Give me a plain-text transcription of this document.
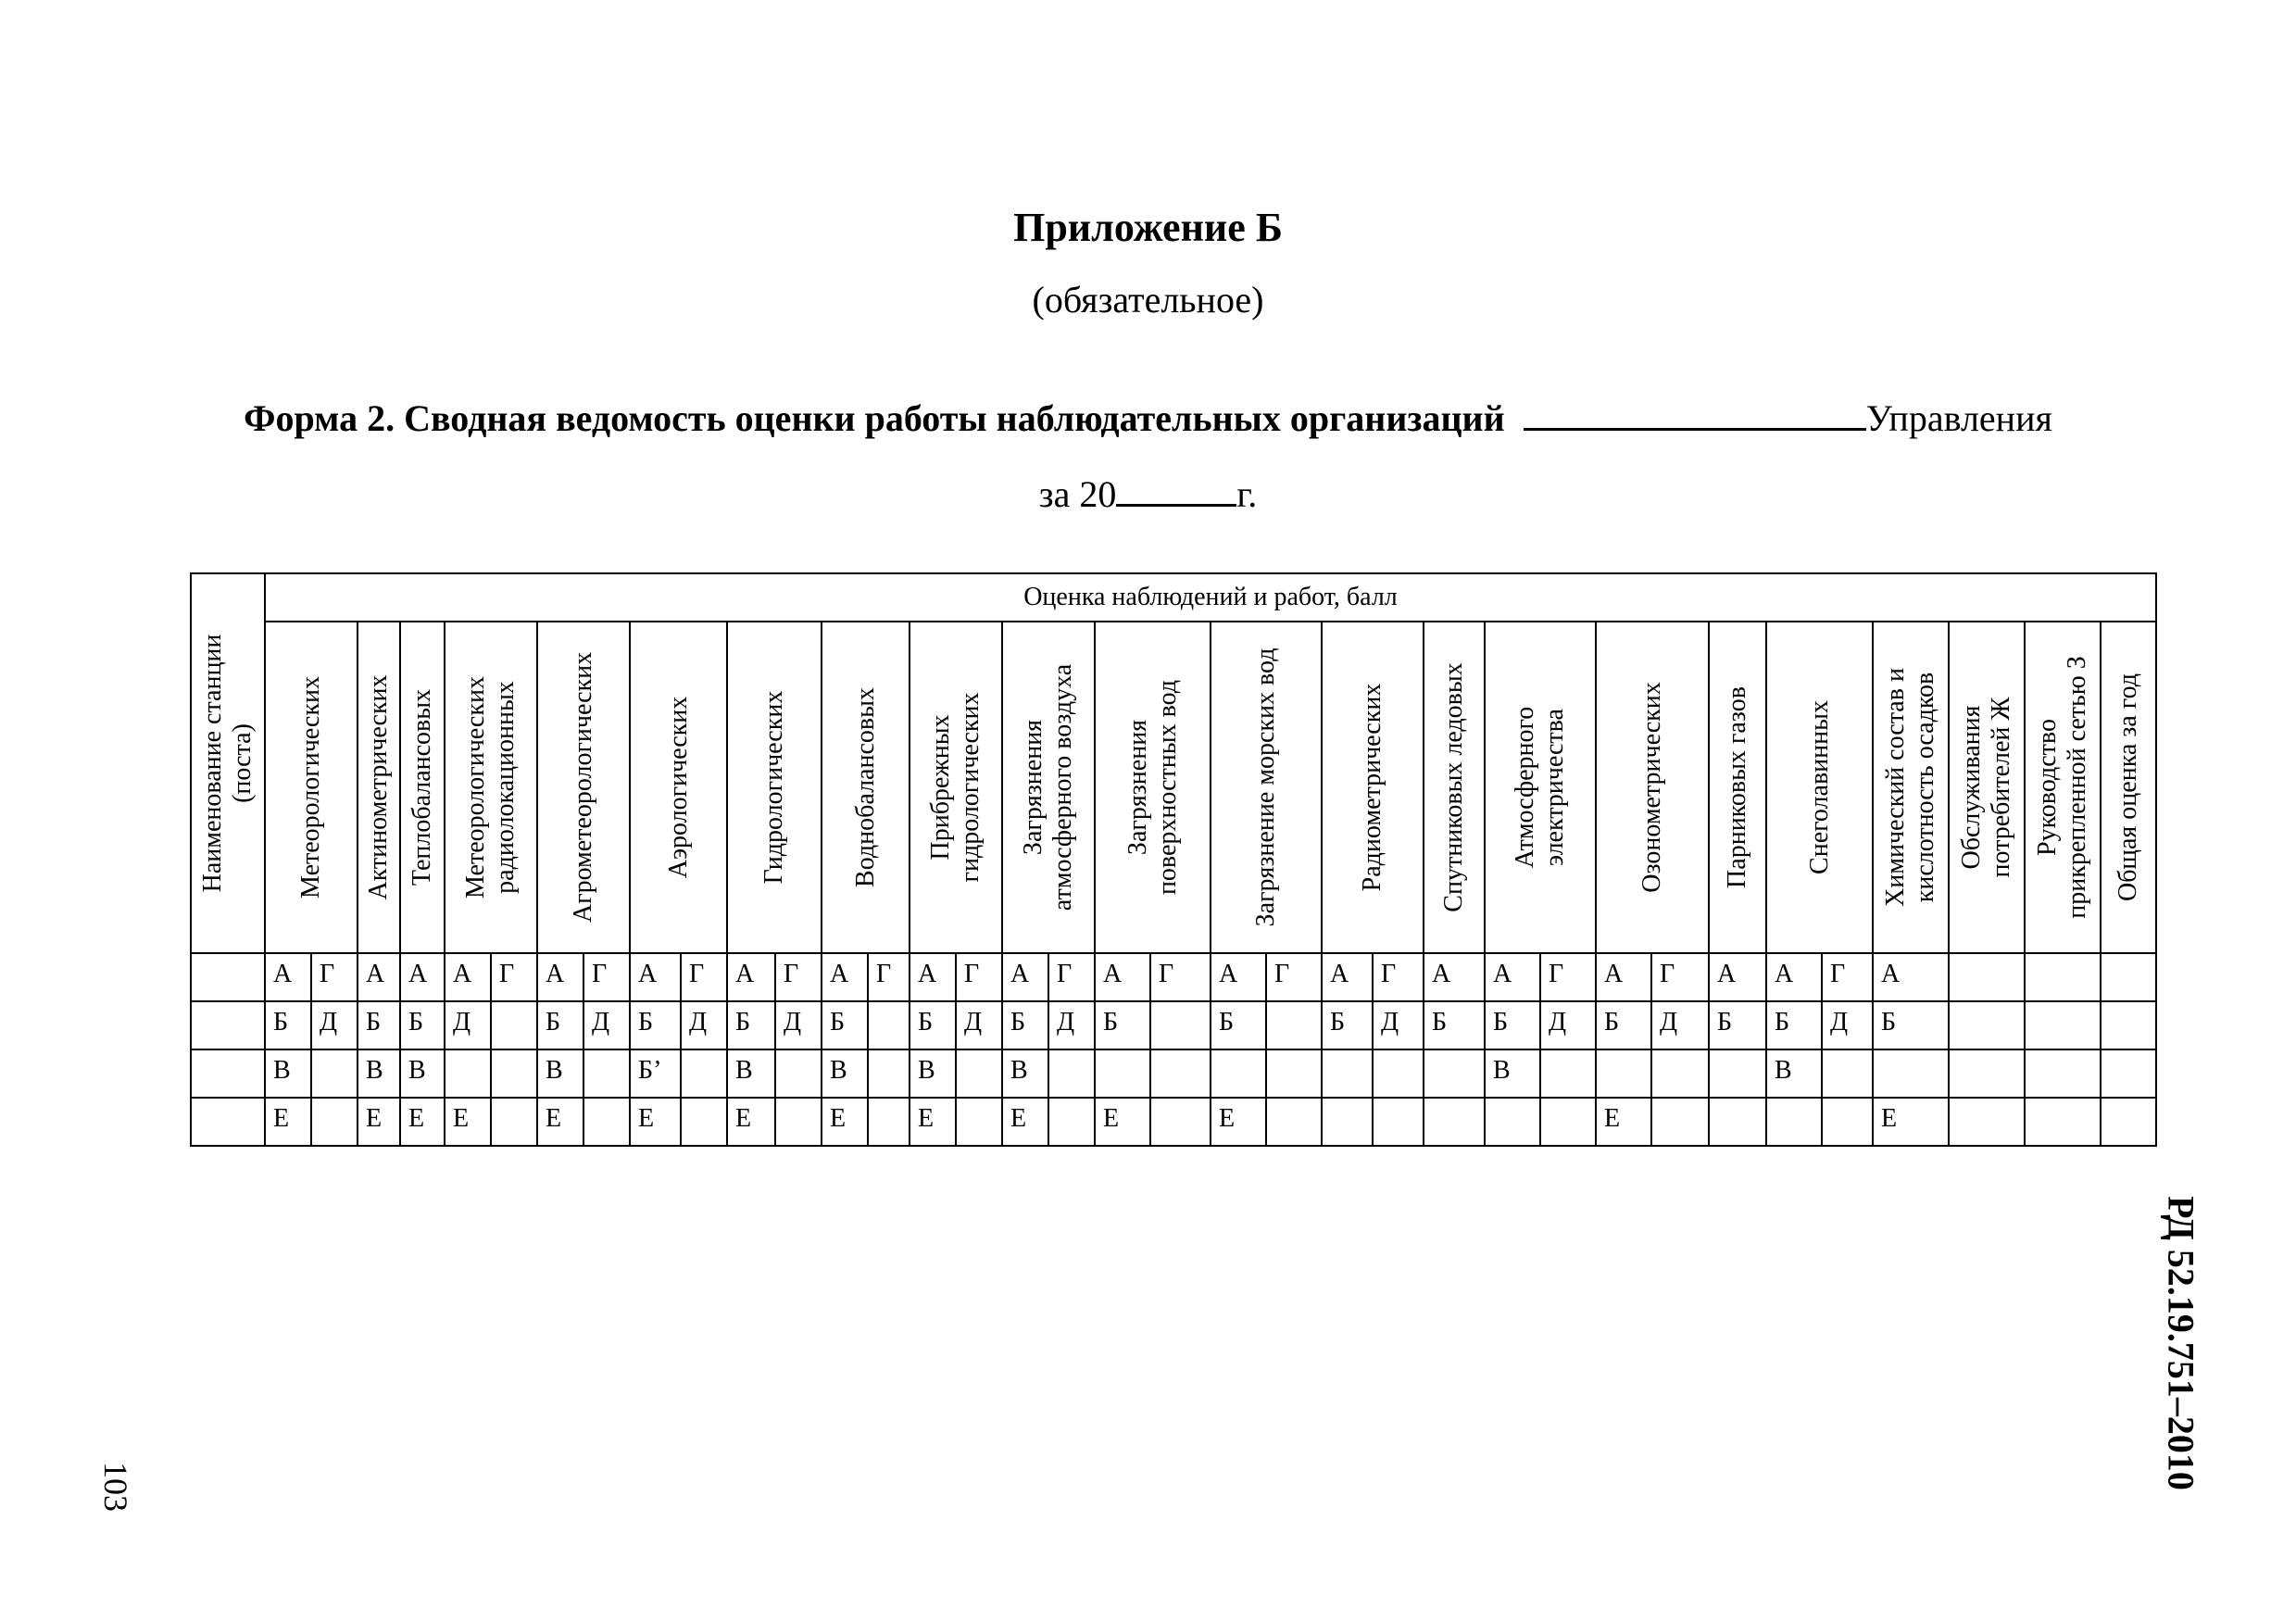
Приложение Б
(обязательное)
Форма 2. Сводная ведомость оценки работы наблюдательных организаций	Управления
за 20	г.
Наименование станции (поста)	Оценка наблюдений и работ, балл																																			

	Метеорологических		Актинометрических	Теплобалансовых	Метеорологических радиолокационных		Агрометеорологических		Аэрологических		Гидрологических		Воднобалансовых		Прибрежных гидрологических		Загрязнения атмосферного воздуха		Загрязнения поверхностных вод		Загрязнение морских вод		Радиометрических		Спутниковых ледовых	Атмосферного электричества		Озонометрических		Парниковых газов	Снеголавинных		Химический состав и кислотность осадков	Обслуживания потребителей Ж	Руководство прикрепленной сетью З	Общая оценка за год

	А	Г	А	А	А	Г	А	Г	А	Г	А	Г	А	Г	А	Г	А	Г	А	Г	А	Г	А	Г	А	А	Г	А	Г	А	А	Г	А			

	Б	Д	Б	Б	Д		Б	Д	Б	Д	Б	Д	Б		Б	Д	Б	Д	Б		Б		Б	Д	Б	Б	Д	Б	Д	Б	Б	Д	Б			

	В		В	В			В		Б’		В		В		В		В									В					В					

	Е		Е	Е	Е		Е		Е		Е		Е		Е		Е		Е		Е							Е					Е			

РД 52.19.751–2010
103
